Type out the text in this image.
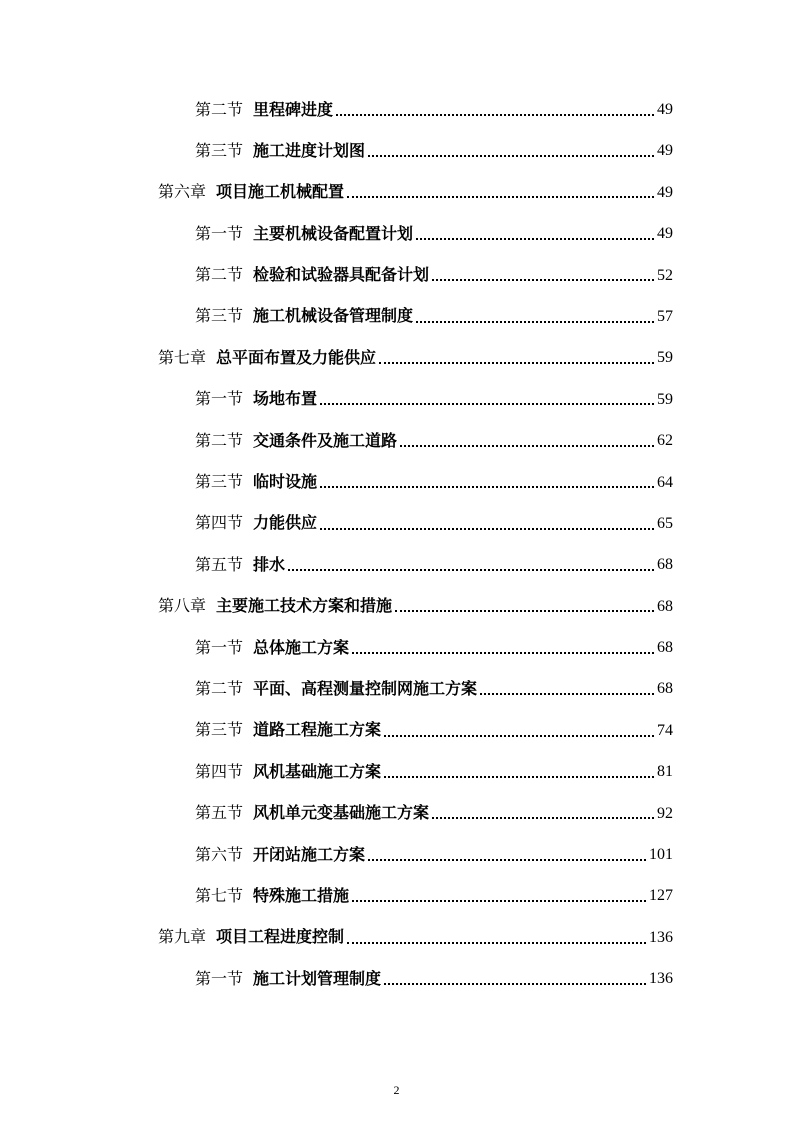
第二节 里程碑进度	49
第三节 施工进度计划图	49
第六章 项目施工机械配置	49
第一节 主要机械设备配置计划	49
第二节 检验和试验器具配备计划	52
第三节 施工机械设备管理制度	57
第七章 总平面布置及力能供应	59
第一节 场地布置	59
第二节 交通条件及施工道路	62
第三节 临时设施	64
第四节 力能供应	65
第五节 排水	68
第八章 主要施工技术方案和措施	68
第一节 总体施工方案	68
第二节 平面、高程测量控制网施工方案	68
第三节 道路工程施工方案	74
第四节 风机基础施工方案	81
第五节 风机单元变基础施工方案	92
第六节 开闭站施工方案	101
第七节 特殊施工措施	127
第九章 项目工程进度控制	136
第一节 施工计划管理制度	136
2
